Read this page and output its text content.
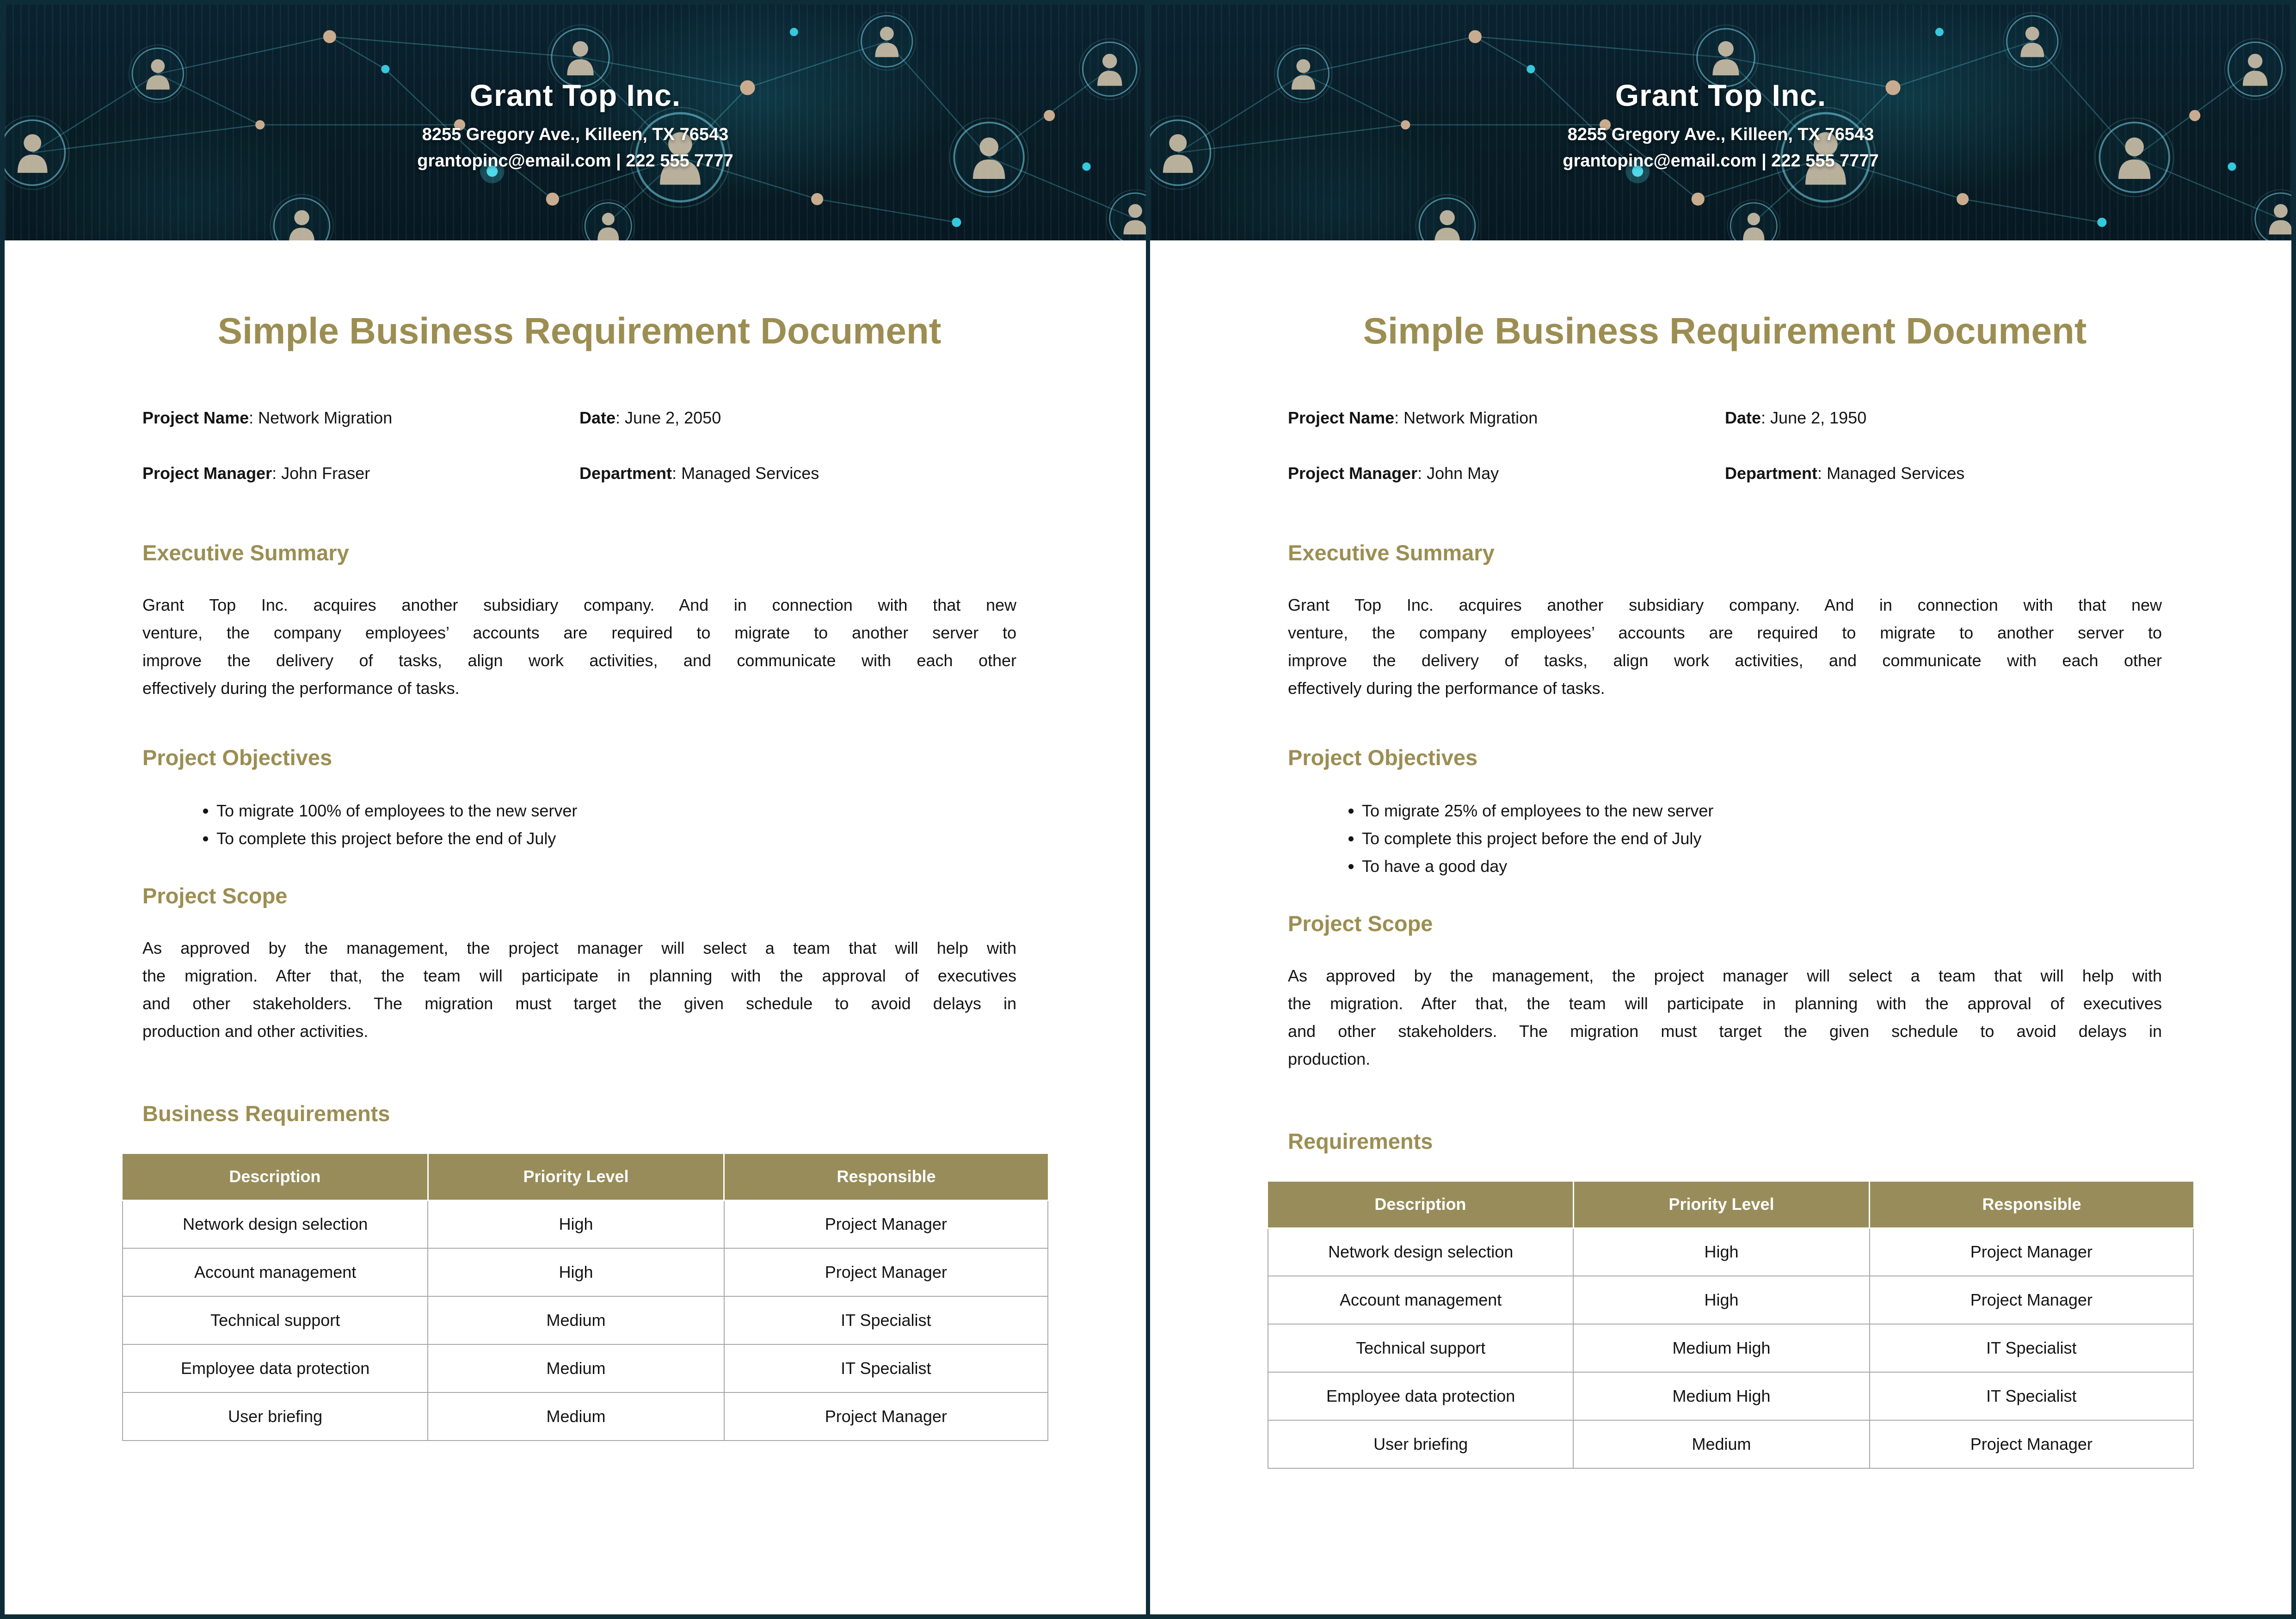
Grant Top Inc.
8255 Gregory Ave., Killeen, TX 76543
grantopinc@email.com | 222 555 7777
Simple Business Requirement Document
Project Name: Network Migration	Date: June 2, 2050
Project Manager: John Fraser	Department: Managed Services
Executive Summary
Grant Top Inc. acquires another subsidiary company. And in connection with that new
venture, the company employees’ accounts are required to migrate to another server to
improve the delivery of tasks, align work activities, and communicate with each other
effectively during the performance of tasks.
Project Objectives
• To migrate 100% of employees to the new server
• To complete this project before the end of July
Project Scope
As approved by the management, the project manager will select a team that will help with
the migration. After that, the team will participate in planning with the approval of executives
and other stakeholders. The migration must target the given schedule to avoid delays in
production and other activities.
Business Requirements
Description	Priority Level	Responsible
Network design selection	High	Project Manager
Account management	High	Project Manager
Technical support	Medium	IT Specialist
Employee data protection	Medium	IT Specialist
User briefing	Medium	Project Manager
Grant Top Inc.
8255 Gregory Ave., Killeen, TX 76543
grantopinc@email.com | 222 555 7777
Simple Business Requirement Document
Project Name: Network Migration	Date: June 2, 1950
Project Manager: John May	Department: Managed Services
Executive Summary
Grant Top Inc. acquires another subsidiary company. And in connection with that new
venture, the company employees’ accounts are required to migrate to another server to
improve the delivery of tasks, align work activities, and communicate with each other
effectively during the performance of tasks.
Project Objectives
• To migrate 25% of employees to the new server
• To complete this project before the end of July
• To have a good day
Project Scope
As approved by the management, the project manager will select a team that will help with
the migration. After that, the team will participate in planning with the approval of executives
and other stakeholders. The migration must target the given schedule to avoid delays in
production.
Requirements
Description	Priority Level	Responsible
Network design selection	High	Project Manager
Account management	High	Project Manager
Technical support	Medium High	IT Specialist
Employee data protection	Medium High	IT Specialist
User briefing	Medium	Project Manager
